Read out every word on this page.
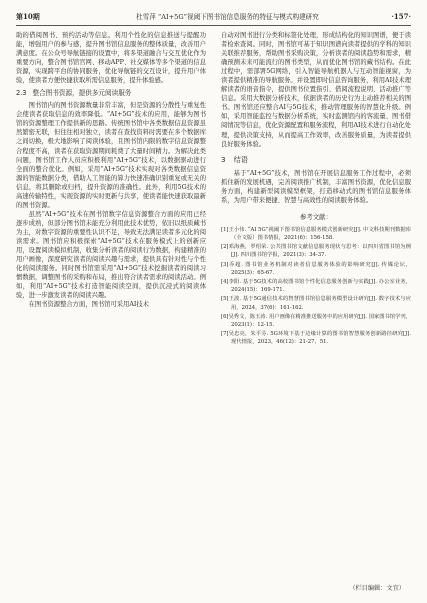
第10期	杜雪萍 “AI+5G”视阈下图书馆信息服务的特征与模式构建研究	·157·

助的借阅图书、预约活动等信息。利用个性化的信息推送与提醒功能，增强用户的参与感，提升图书馆信息服务的整体质量，改善用户满意度。在公众号导航链接的设置中，将多渠道融合与交互优化作为重要方向，整合图书馆官网、移动APP、社交媒体等多个渠道的信息资源，实现跨平台的协同服务，优化导航链的交互设计，提升用户体验，使读者方便快捷获取所需信息服务，提升体验感。

2.3 整合图书资源，提供多元阅读服务

图书馆内的图书资源数量非常丰富，但是资源的分散性与重复性会使读者获取信息的效率降低。“AI+5G”技术的应用，能够为图书馆的资源整理工作提供新的思路。传统图书馆中各类数据信息资源虽然繁密无联，但往往相对独立，读者在查找资料时需要在多个数据库之间切换，极大地影响了阅读体验，且图书馆内限的数字信息资源整合程度不高，读者在获取资源期间耗费了大量时间精力。为解决此类问题，图书馆工作人员应积极利用“AI+5G”技术，以数据驱动进行全面的整合优化。例如，采用“AI+5G”技术实现对各类数据信息资源的智能数据分类，借助人工智能的算力快速准确识别重复或无关的信息，将其删除或归档，提升资源的准确性。此外，利用5G技术的高速传输特性，实现资源的实时更新与共享，使读者能快速获取最新的图书资源。

虽然“AI+5G”技术在图书馆数字信息资源整合方面的应用已经逐步成熟，但部分图书馆未能充分利用此技术优势，依旧以纸质藏书为主，对数字资源的重要性认识不足，导致无法满足读者多元化的阅读需求。图书馆应积极探索“AI+5G”技术在服务模式上的创新应用，设置阅读模拟机制，收集分析读者的阅读行为数据，构建精准的用户画像，深度研究读者的阅读兴趣与需求，提供具有针对性与个性化的阅读服务。同时图书馆需采用“AI+5G”技术挖掘读者的阅读习惯数据，调整图书的采购和布局，推出符合读者需求的阅读活动。例如，利用“AI+5G”技术打造智能阅读空间，提供沉浸式的阅读体验，进一步激发读者的阅读兴趣。

在图书资源整合方面，图书馆可采用AI技术

自动对图书进行分类和标签化处理，形成结构化的知识图谱，便于读者检索查阅。同时，图书馆可基于知识图谱向读者提供的学科的知识关联推荐服务，帮助图书采购决策，分析读者的阅读趋势和需求，精确预测未来可能流行的图书类型，从而优化图书馆的藏书结构。在此过程中，需部署5G网络，引入智能导航机器人与互动智能视窗，为读者提供精准的导航服务。并设置即时信息咨询服务，利用AI技术理解读者的语音指令，提供图书位置指引、借阅流程说明、活动推广等信息。采用大数据分析技术，依据读者的历史行为主动推荐相关的图书。图书馆还应整合AI与5G技术，推动管理服务的智慧化升级。例如，采用智能监控与数据分析系统，实时监测馆内的客流量、图书借阅情况等信息，优化资源配置和服务流程，利用AI技术进行自动化处理，提供决策支持，从而提高工作效率，改善服务质量，为读者提供良好服务体验。

3 结语

基于“AI+5G”技术，图书馆在开展信息服务工作过程中，必须抓住新的发展机遇，完善阅读推广机制，丰富图书资源，优化信息服务方面，构建新型阅读模型框架，打造移动式的图书馆信息服务体系，为用户带来便捷、智慧与高效性的阅读服务体验。

参考文献：

[1]王小伟. “AI 5G”视阈下图书馆信息服务模式创新研究[J]. 中文科技期刊数据库（全文版）图书情报，2021(6)：156-158.

[2]邓海燕，罗绍荣. 公共图书馆文献信息服务现状与思考：以四川省图书馆为例[J]. 四川图书馆学报，2021(3)：34-37.

[3]乔超. 图书馆业务机制对读者信息服务体验的影响研究[J]. 传媒论坛，2025(3)：65-67.

[4]李阳. 基于5G技术的高校图书馆个性化信息服务创新与实践[J]. 办公室业务，2024(15)：169-171.

[5]王波. 基于5G通信技术的智慧图书馆信息服务模型设计研究[J]. 数字技术与应用，2024，37(6)：161-162.

[6]吴秀文，陈玉涛. 用户画像在精准推送服务中的应用研究[J]. 国家图书馆学刊，2023(1)：12-15.

[7]吴忠亮，朱平芬. 5G环境下基于边缘计算的图书馆智慧服务创新路径研究[J]. 现代情报，2023，46(12)：21-27，51.

（栏目编辑：文宜）
